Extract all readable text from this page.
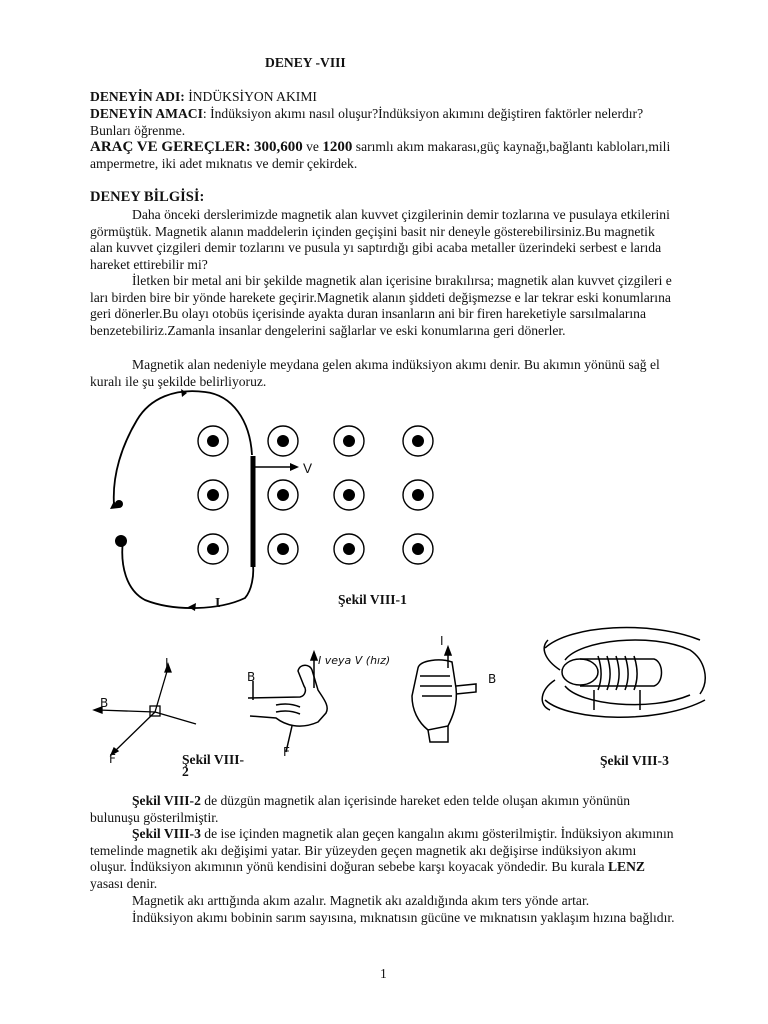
DENEY -VIII
DENEYİN ADI: İNDÜKSİYON AKIMI
DENEYİN AMACI: İndüksiyon akımı nasıl oluşur?İndüksiyon akımını değiştiren faktörler nelerdır? Bunları öğrenme.
ARAÇ VE GEREÇLER: 300,600 ve 1200 sarımlı akım makarası,güç kaynağı,bağlantı kabloları,mili ampermetre, iki adet mıknatıs ve demir çekirdek.
DENEY BİLGİSİ:

Daha önceki derslerimizde magnetik alan kuvvet çizgilerinin demir tozlarına ve pusulaya etkilerini görmüştük. Magnetik alanın maddelerin içinden geçişini basit nir deneyle gösterebilirsiniz.Bu magnetik alan kuvvet çizgileri demir tozlarını ve pusula yı saptırdığı gibi acaba metaller üzerindeki serbest e larıda hareket ettirebilir mi?

İletken bir metal ani bir şekilde magnetik alan içerisine bırakılırsa; magnetik alan kuvvet çizgileri e ları birden bire bir yönde harekete geçirir.Magnetik alanın şiddeti değişmezse e lar tekrar eski konumlarına geri dönerler.Bu olayı otobüs içerisinde ayakta duran insanların ani bir firen hareketiyle sarsılmalarına benzetebiliriz.Zamanla insanlar dengelerini sağlarlar ve eski konumlarına geri dönerler.

Magnetik alan nedeniyle meydana gelen akıma indüksiyon akımı denir. Bu akımın yönünü sağ el kuralı ile şu şekilde belirliyoruz.

I
V
Şekil VIII-1
I
B
F
I veya V (hız)
B
F
I
B
Şekil VIII-
2
Şekil VIII-3

Şekil VIII-2 de düzgün magnetik alan içerisinde hareket eden telde oluşan akımın yönünün bulunuşu gösterilmiştir.

Şekil VIII-3 de ise içinden magnetik alan geçen kangalın akımı gösterilmiştir. İndüksiyon akımının temelinde magnetik akı değişimi yatar. Bir yüzeyden geçen magnetik akı değişirse indüksiyon akımı oluşur. İndüksiyon akımının yönü kendisini doğuran sebebe karşı koyacak yöndedir. Bu kurala LENZ yasası denir.

Magnetik akı arttığında akım azalır. Magnetik akı azaldığında akım ters yönde artar.

İndüksiyon akımı bobinin sarım sayısına, mıknatısın gücüne ve mıknatısın yaklaşım hızına bağlıdır.

1
